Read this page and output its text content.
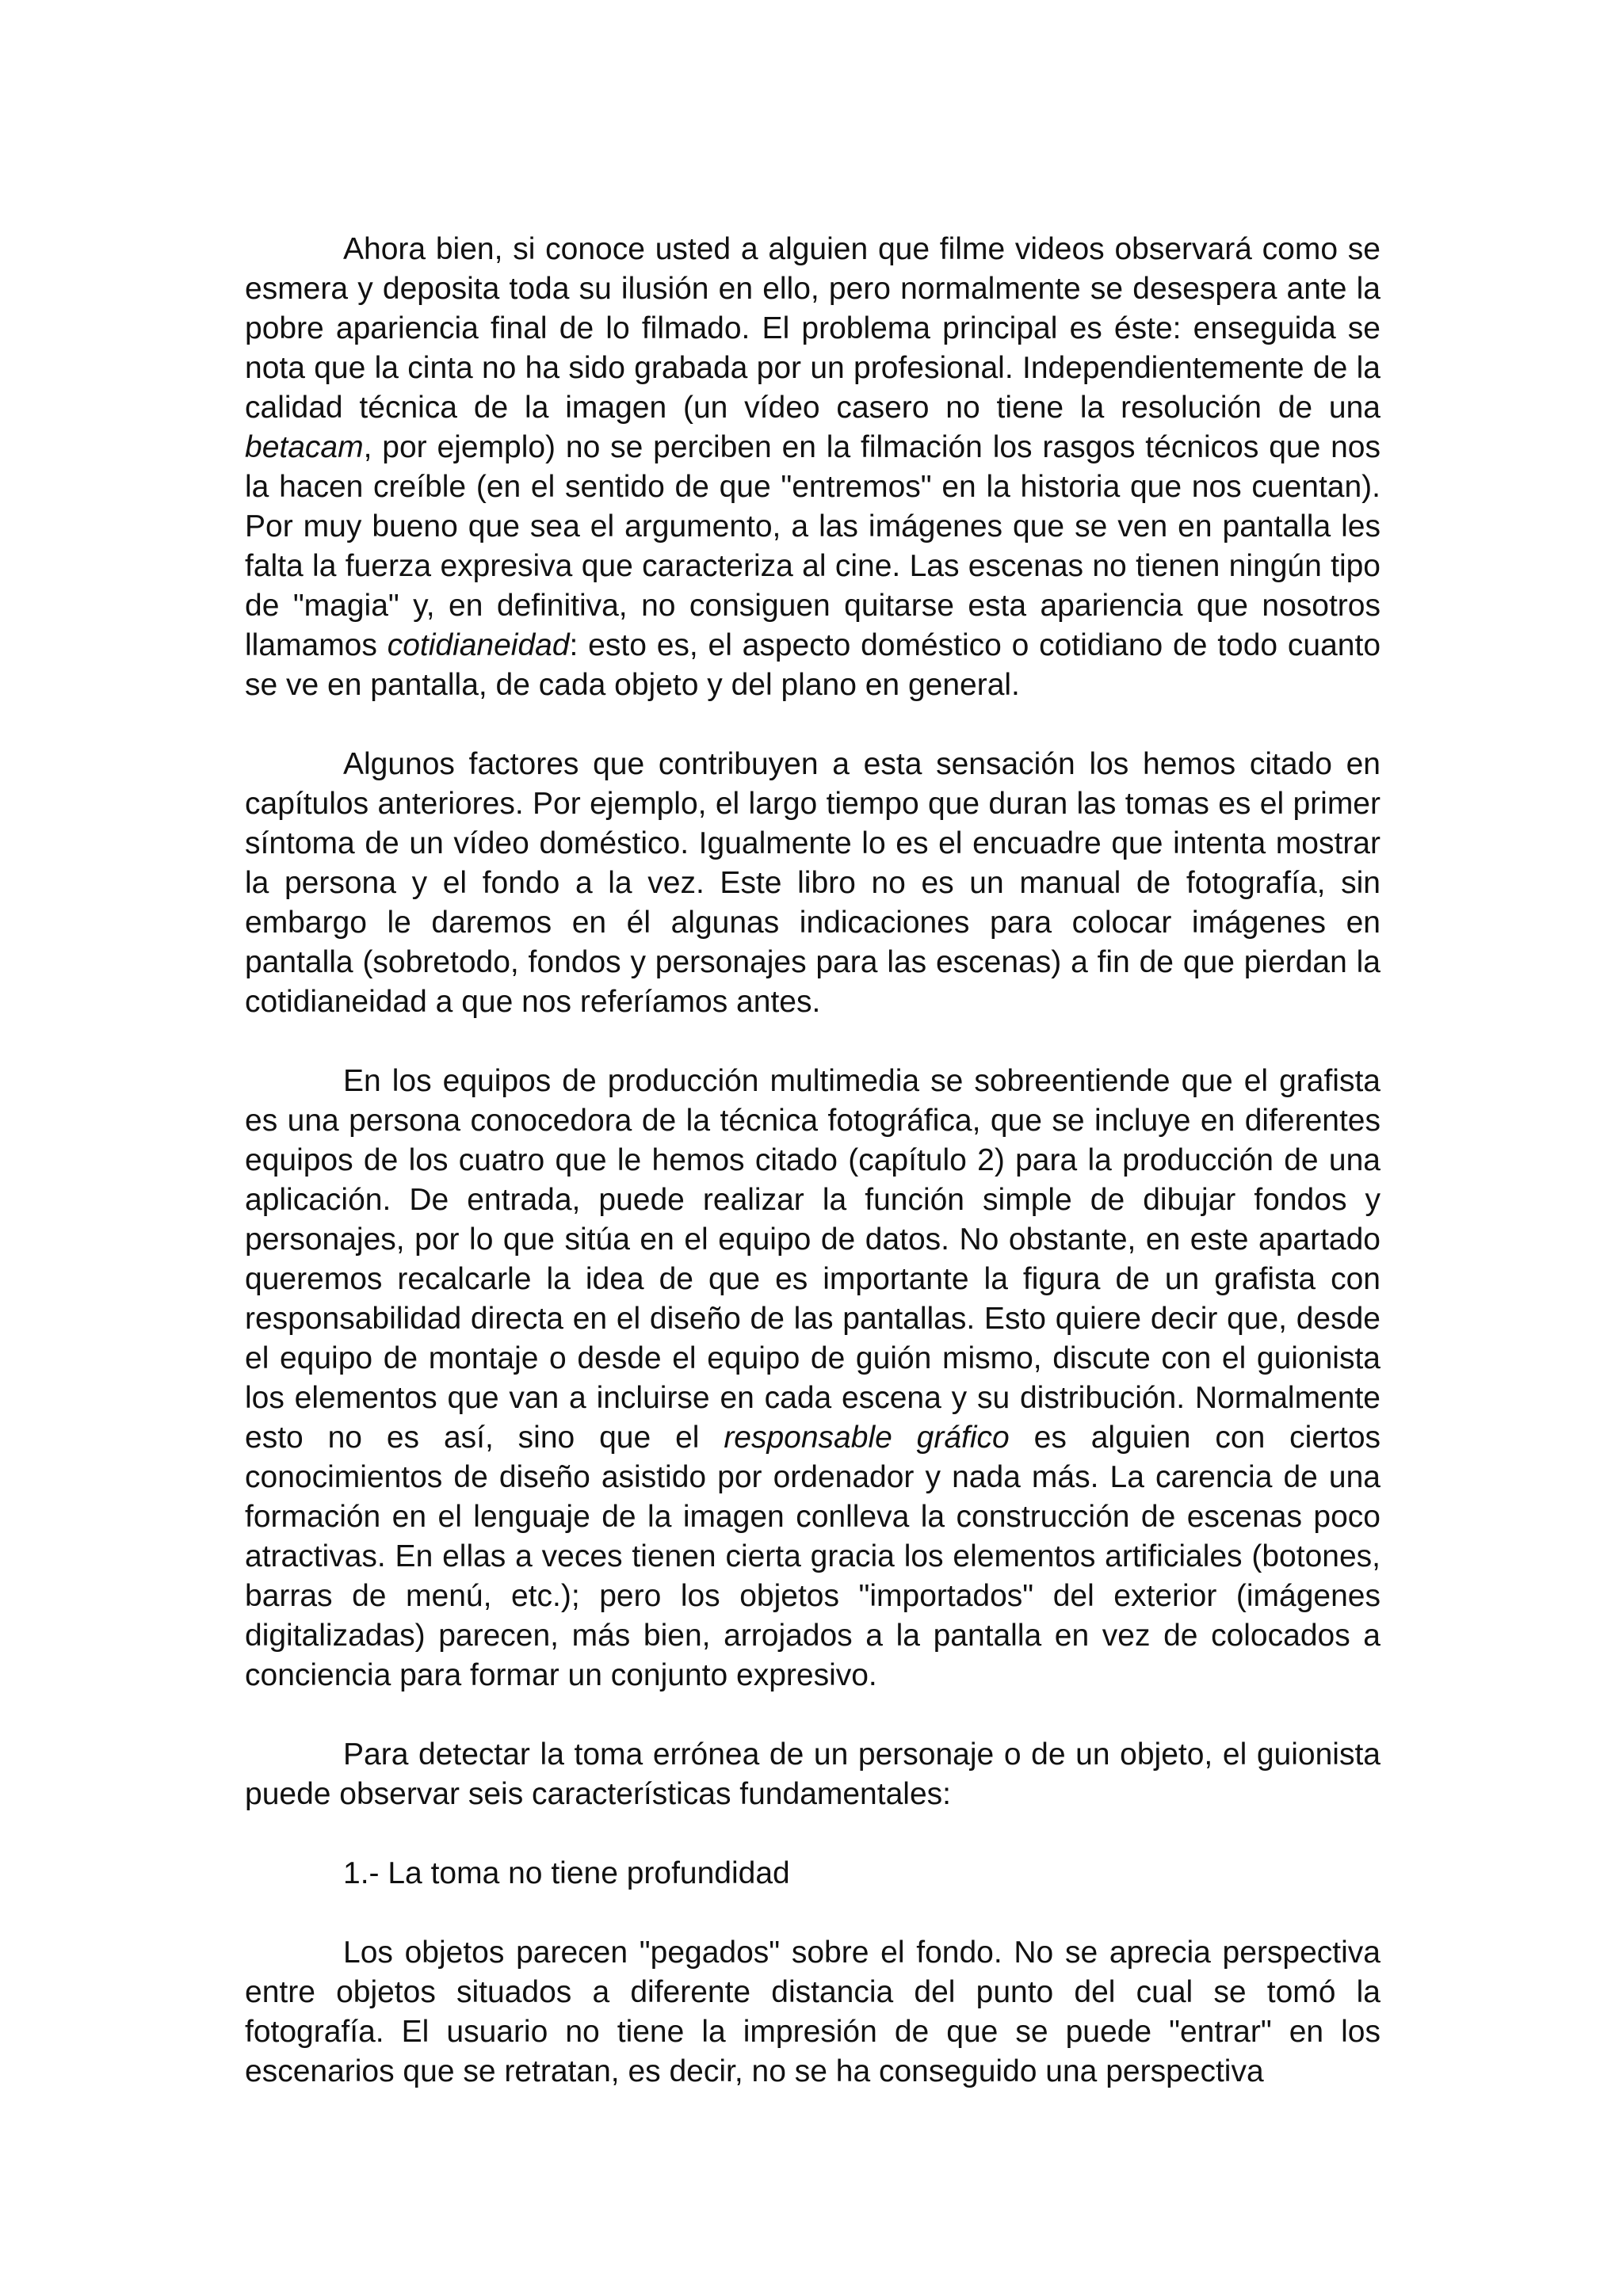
Ahora bien, si conoce usted a alguien que filme videos observará como se esmera y deposita toda su ilusión en ello, pero normalmente se desespera ante la pobre apariencia final de lo filmado. El problema principal es éste: enseguida se nota que la cinta no ha sido grabada por un profesional. Independientemente de la calidad técnica de la imagen (un vídeo casero no tiene la resolución de una betacam, por ejemplo) no se perciben en la filmación los rasgos técnicos que nos la hacen creíble (en el sentido de que "entremos" en la historia que nos cuentan). Por muy bueno que sea el argumento, a las imágenes que se ven en pantalla les falta la fuerza expresiva que caracteriza al cine. Las escenas no tienen ningún tipo de "magia" y, en definitiva, no consiguen quitarse esta apariencia que nosotros llamamos cotidianeidad: esto es, el aspecto doméstico o cotidiano de todo cuanto se ve en pantalla, de cada objeto y del plano en general.

Algunos factores que contribuyen a esta sensación los hemos citado en capítulos anteriores. Por ejemplo, el largo tiempo que duran las tomas es el primer síntoma de un vídeo doméstico. Igualmente lo es el encuadre que intenta mostrar la persona y el fondo a la vez. Este libro no es un manual de fotografía, sin embargo le daremos en él algunas indicaciones para colocar imágenes en pantalla (sobretodo, fondos y personajes para las escenas) a fin de que pierdan la cotidianeidad a que nos referíamos antes.

En los equipos de producción multimedia se sobreentiende que el grafista es una persona conocedora de la técnica fotográfica, que se incluye en diferentes equipos de los cuatro que le hemos citado (capítulo 2) para la producción de una aplicación. De entrada, puede realizar la función simple de dibujar fondos y personajes, por lo que sitúa en el equipo de datos. No obstante, en este apartado queremos recalcarle la idea de que es importante la figura de un grafista con responsabilidad directa en el diseño de las pantallas. Esto quiere decir que, desde el equipo de montaje o desde el equipo de guión mismo, discute con el guionista los elementos que van a incluirse en cada escena y su distribución. Normalmente esto no es así, sino que el responsable gráfico es alguien con ciertos conocimientos de diseño asistido por ordenador y nada más. La carencia de una formación en el lenguaje de la imagen conlleva la construcción de escenas poco atractivas. En ellas a veces tienen cierta gracia los elementos artificiales (botones, barras de menú, etc.); pero los objetos "importados" del exterior (imágenes digitalizadas) parecen, más bien, arrojados a la pantalla en vez de colocados a conciencia para formar un conjunto expresivo.

Para detectar la toma errónea de un personaje o de un objeto, el guionista puede observar seis características fundamentales:

1.- La toma no tiene profundidad

Los objetos parecen "pegados" sobre el fondo. No se aprecia perspectiva entre objetos situados a diferente distancia del punto del cual se tomó la fotografía. El usuario no tiene la impresión de que se puede "entrar" en los escenarios que se retratan, es decir, no se ha conseguido una perspectiva
